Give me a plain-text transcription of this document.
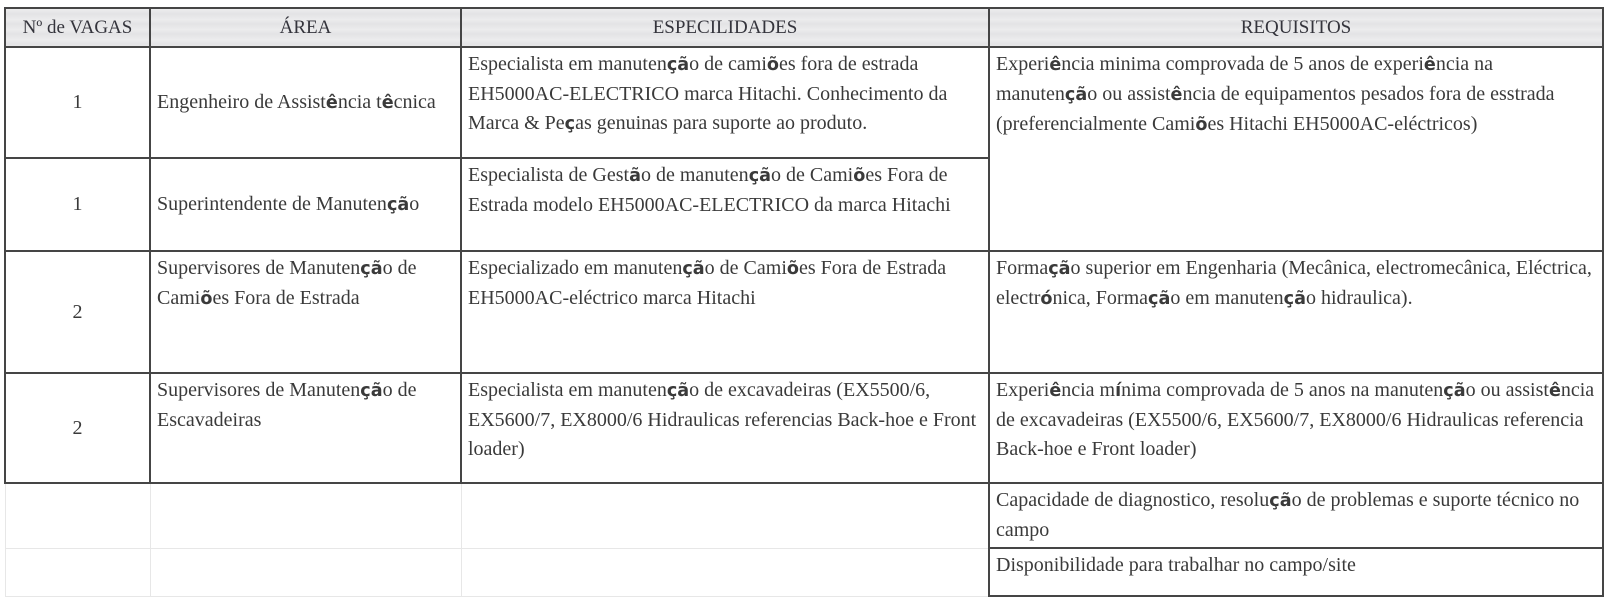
Nº de VAGAS	ÁREA	ESPECILIDADES	REQUISITOS
1	Engenheiro de Assistência têcnica	Especialista em manutenção de camiões fora de estrada EH5000AC-ELECTRICO marca Hitachi. Conhecimento da Marca & Peças genuinas para suporte ao produto.	Experiência minima comprovada de 5 anos de experiência na manutenção ou assistência de equipamentos pesados fora de esstrada (preferencialmente Camiões Hitachi EH5000AC-eléctricos)
1	Superintendente de Manutenção	Especialista de Gestão de manutenção de Camiões Fora de Estrada modelo EH5000AC-ELECTRICO da marca Hitachi	
2	Supervisores de Manutenção de Camiões Fora de Estrada	Especializado em manutenção de Camiões Fora de Estrada EH5000AC-eléctrico marca Hitachi	Formação superior em Engenharia (Mecânica, electromecânica, Eléctrica, electrónica, Formação em manutenção hidraulica).
2	Supervisores de Manutenção de Escavadeiras	Especialista em manutenção de excavadeiras (EX5500/6, EX5600/7, EX8000/6 Hidraulicas referencias Back-hoe e Front loader)	Experiência mínima comprovada de 5 anos na manutenção ou assistência de excavadeiras (EX5500/6, EX5600/7, EX8000/6 Hidraulicas referencia Back-hoe e Front loader)
			Capacidade de diagnostico, resolução de problemas e suporte técnico no campo
			Disponibilidade para trabalhar no campo/site
